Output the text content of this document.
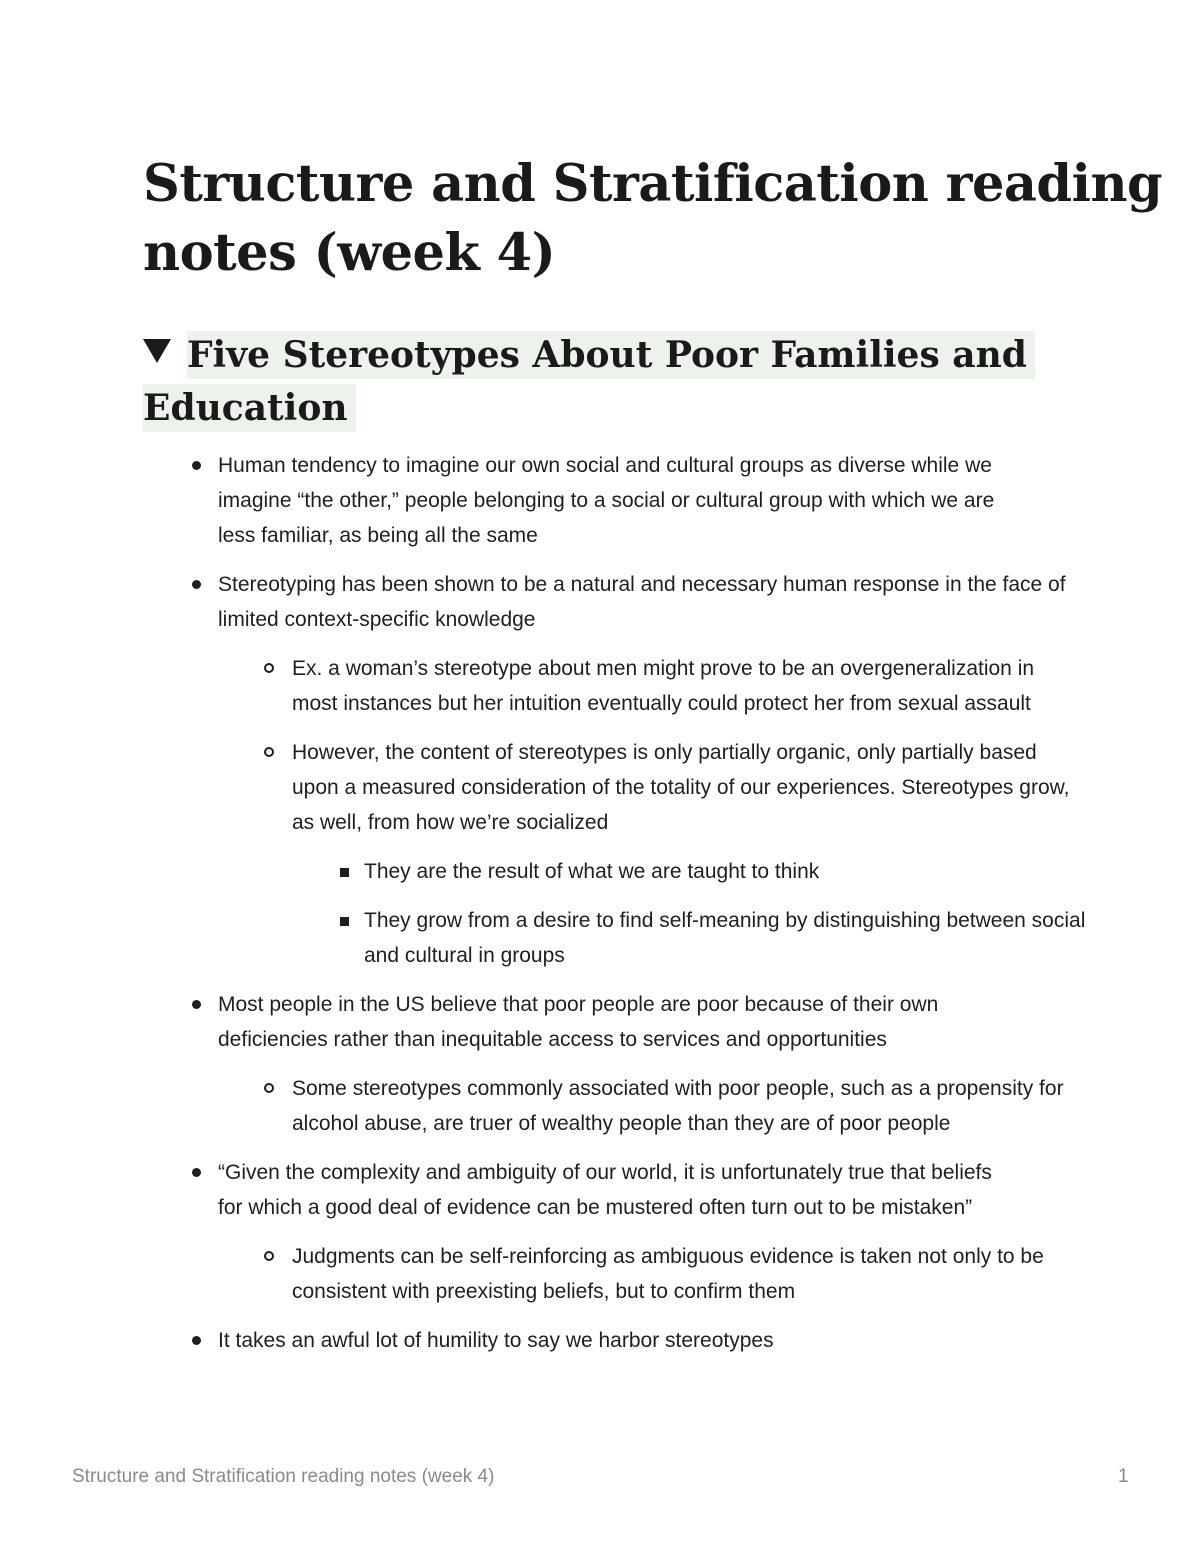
Structure and Stratification reading
notes (week 4)
Five Stereotypes About Poor Families and
Education
Human tendency to imagine our own social and cultural groups as diverse while we
imagine “the other,” people belonging to a social or cultural group with which we are
less familiar, as being all the same
Stereotyping has been shown to be a natural and necessary human response in the face of
limited context-specific knowledge
Ex. a woman’s stereotype about men might prove to be an overgeneralization in
most instances but her intuition eventually could protect her from sexual assault
However, the content of stereotypes is only partially organic, only partially based
upon a measured consideration of the totality of our experiences. Stereotypes grow,
as well, from how we’re socialized
They are the result of what we are taught to think
They grow from a desire to find self-meaning by distinguishing between social
and cultural in groups
Most people in the US believe that poor people are poor because of their own
deficiencies rather than inequitable access to services and opportunities
Some stereotypes commonly associated with poor people, such as a propensity for
alcohol abuse, are truer of wealthy people than they are of poor people
“Given the complexity and ambiguity of our world, it is unfortunately true that beliefs
for which a good deal of evidence can be mustered often turn out to be mistaken”
Judgments can be self-reinforcing as ambiguous evidence is taken not only to be
consistent with preexisting beliefs, but to confirm them
It takes an awful lot of humility to say we harbor stereotypes
Structure and Stratification reading notes (week 4)	1
